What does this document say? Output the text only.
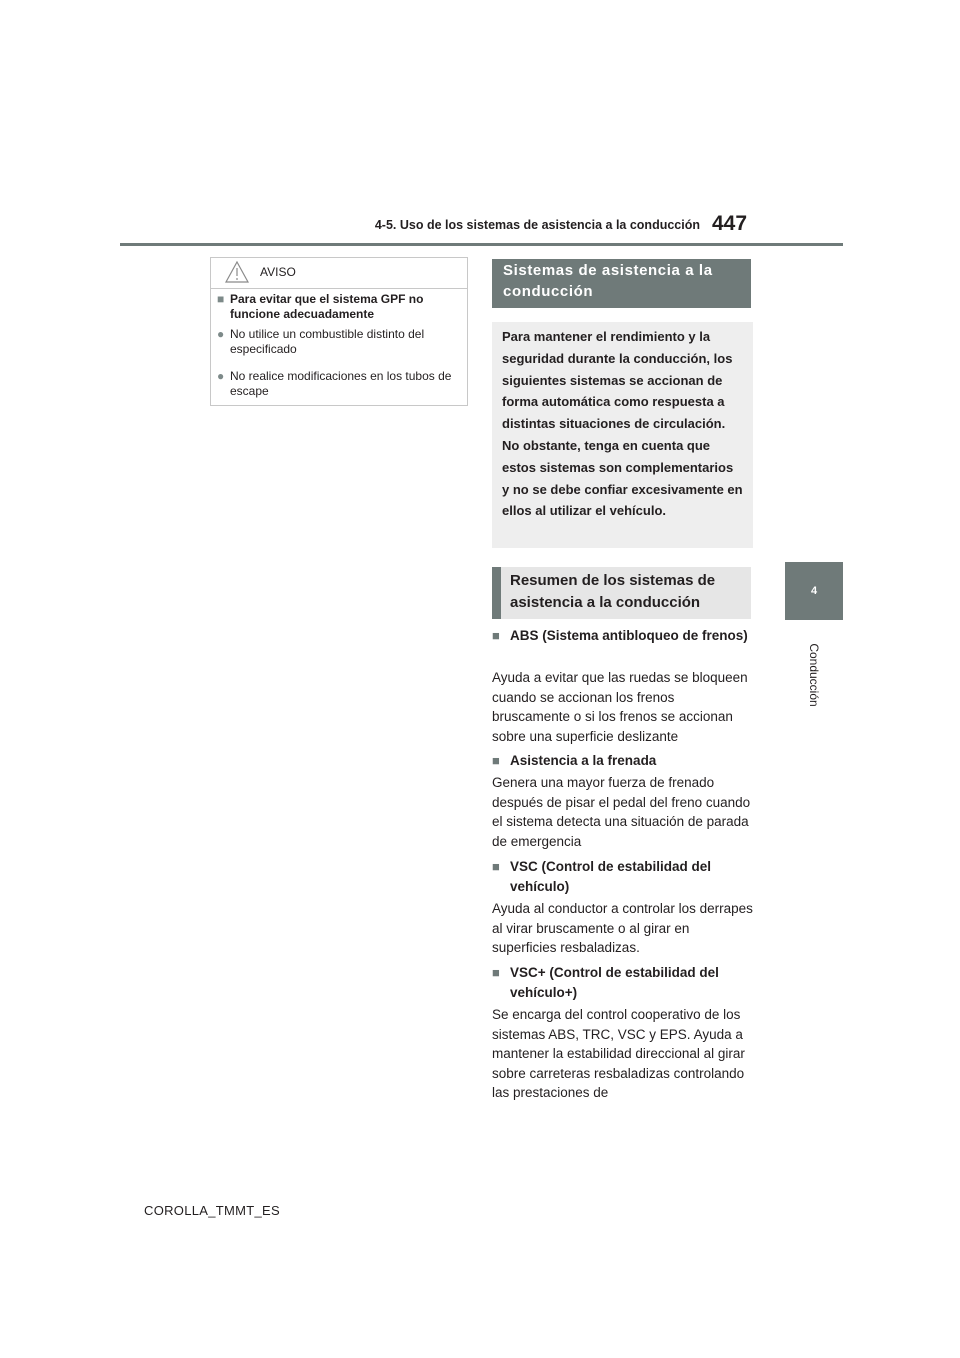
4-5. Uso de los sistemas de asistencia a la conducción 447
4
Conducción
AVISO
■ Para evitar que el sistema GPF no funcione adecuadamente
● No utilice un combustible distinto del especificado
● No realice modificaciones en los tubos de escape
Sistemas de asistencia a la conducción
Para mantener el rendimiento y la seguridad durante la conducción, los siguientes sistemas se accionan de forma automática como respuesta a distintas situaciones de circulación. No obstante, tenga en cuenta que estos sistemas son complementarios y no se debe confiar excesivamente en ellos al utilizar el vehículo.
Resumen de los sistemas de asistencia a la conducción
■ ABS (Sistema antibloqueo de frenos)
Ayuda a evitar que las ruedas se bloqueen cuando se accionan los frenos bruscamente o si los frenos se accionan sobre una superficie deslizante
■ Asistencia a la frenada
Genera una mayor fuerza de frenado después de pisar el pedal del freno cuando el sistema detecta una situación de parada de emergencia
■ VSC (Control de estabilidad del vehículo)
Ayuda al conductor a controlar los derrapes al virar bruscamente o al girar en superficies resbaladizas.
■ VSC+ (Control de estabilidad del vehículo+)
Se encarga del control cooperativo de los sistemas ABS, TRC, VSC y EPS. Ayuda a mantener la estabilidad direccional al girar sobre carreteras resbaladizas controlando las prestaciones de
COROLLA_TMMT_ES
